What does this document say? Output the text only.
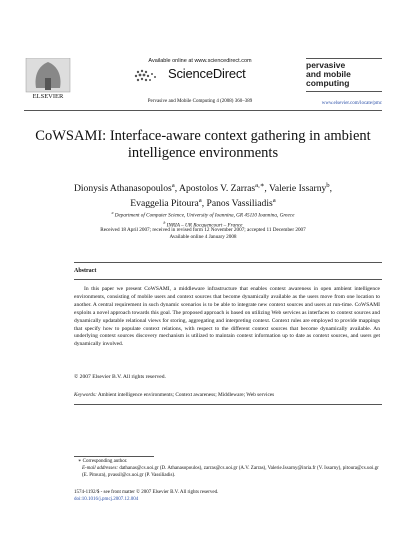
ELSEVIER
Available online at www.sciencedirect.com
ScienceDirect
Pervasive and Mobile Computing 4 (2008) 360–389
pervasive
and mobile
computing
www.elsevier.com/locate/pmc
CoWSAMI: Interface-aware context gathering in ambient intelligence environments
Dionysis Athanasopoulos$^a$, Apostolos V. Zarras$^{a,∗}$, Valerie Issarny$^b$,
Evaggelia Pitoura$^a$, Panos Vassiliadis$^a$
$^a$ Department of Computer Science, University of Ioannina, GR 45110 Ioannina, Greece
$^b$ INRIA – UR Rocquencourt – France
Received 18 April 2007; received in revised form 12 November 2007; accepted 11 December 2007
Available online 4 January 2008
Abstract

In this paper we present CoWSAMI, a middleware infrastructure that enables context awareness in open ambient intelligence environments, consisting of mobile users and context sources that become dynamically available as the users move from one location to another. A central requirement in such dynamic scenarios is to be able to integrate new context sources and users at run-time. CoWSAMI exploits a novel approach towards this goal. The proposed approach is based on utilizing Web services as interfaces to context sources and dynamically updatable relational views for storing, aggregating and interpreting context. Context rules are employed to provide mappings that specify how to populate context relations, with respect to the different context sources that become dynamically available. An underlying context sources discovery mechanism is utilized to maintain context information up to date as context sources, and users get dynamically involved.

© 2007 Elsevier B.V. All rights reserved.
Keywords: Ambient intelligence environments; Context awareness; Middleware; Web services
∗ Corresponding author.
E-mail addresses: dathanas@cs.uoi.gr (D. Athanasopoulos), zarras@cs.uoi.gr (A.V. Zarras), Valerie.Issarny@inria.fr (V. Issarny), pitoura@cs.uoi.gr (E. Pitoura), pvassil@cs.uoi.gr (P. Vassiliadis).
1574-1192/$ - see front matter © 2007 Elsevier B.V. All rights reserved.
doi:10.1016/j.pmcj.2007.12.004
